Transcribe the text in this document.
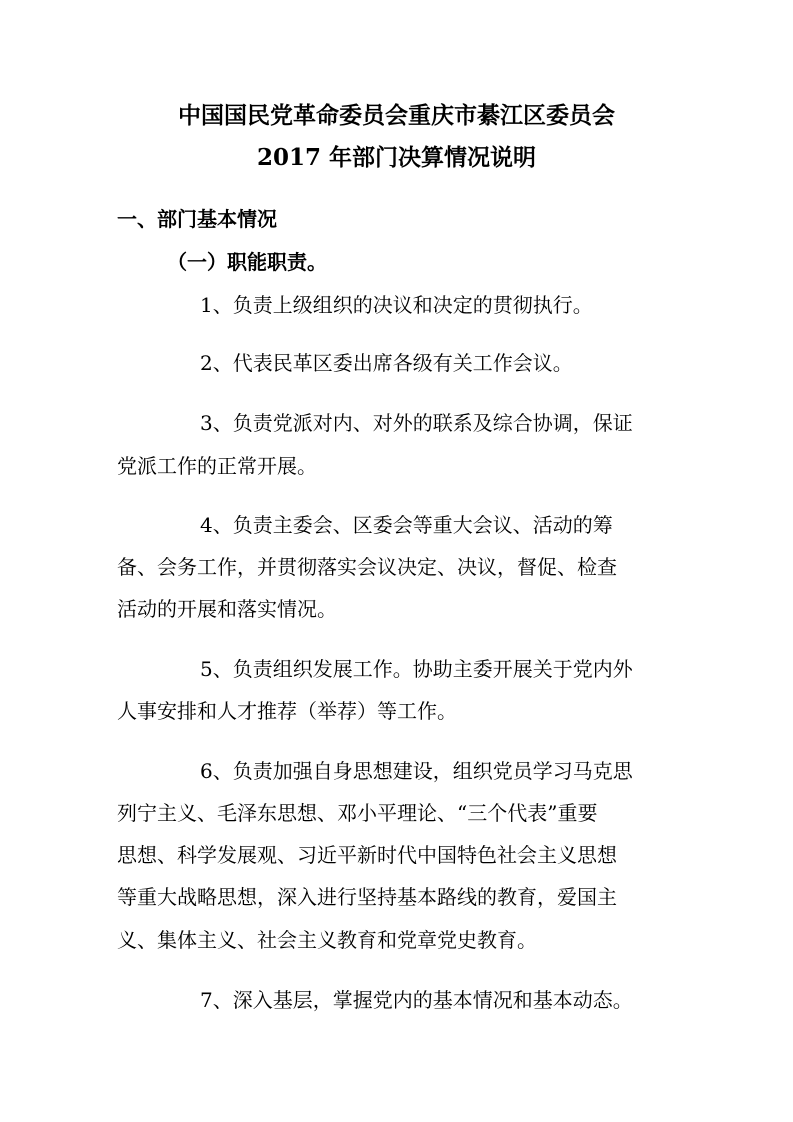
中国国民党革命委员会重庆市綦江区委员会
2017 年部门决算情况说明
一、部门基本情况
（一）职能职责。
1、负责上级组织的决议和决定的贯彻执行。
2、代表民革区委出席各级有关工作会议。
3、负责党派对内、对外的联系及综合协调，保证
党派工作的正常开展。
4、负责主委会、区委会等重大会议、活动的筹
备、会务工作，并贯彻落实会议决定、决议，督促、检查
活动的开展和落实情况。
5、负责组织发展工作。协助主委开展关于党内外
人事安排和人才推荐（举荐）等工作。
6、负责加强自身思想建设，组织党员学习马克思
列宁主义、毛泽东思想、邓小平理论、“三个代表”重要
思想、科学发展观、习近平新时代中国特色社会主义思想
等重大战略思想，深入进行坚持基本路线的教育，爱国主
义、集体主义、社会主义教育和党章党史教育。
7、深入基层，掌握党内的基本情况和基本动态。
